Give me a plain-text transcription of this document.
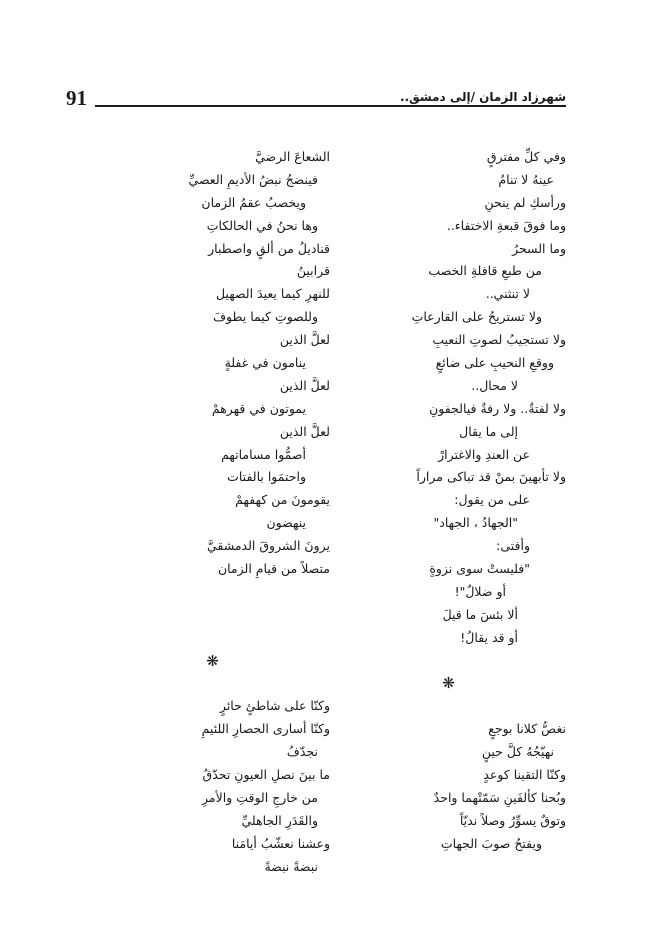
91	شهرزاد الزمان /إلى دمشق..
وفي كلِّ مفترقٍ
عينهُ لا تنامُ
ورأسكِ لم ينحنِ
وما فوقَ قبعةِ الاختفاء..
وما السحرُ
من طبعِ قافلةِ الخصب
لا تنثني..
ولا تستريحُ على القارعاتِ
ولا تستجيبُ لصوتِ النعيبِ
ووقعِ النحيبِ على ضائعٍ
لا محال..
ولا لفتةٌ.. ولا رفةٌ فيالجفونِ
إلى ما يقال
عن العندِ والاغترارْ
ولا تأبهينَ بمنْ قد تباكى مراراً
على من يقول:
"الجهادُ ، الجهاد"
وأفتى:
"فليستْ سوى نزوةٍ
أو ضلالٌ"!
ألا بئسَ ما قيلَ
أو قد يقالُ!
❋
نغصُّ كلانا بوجعٍ
نهيّجُهُ كلَّ حينٍ
وكنّا التقينا كوعدٍ
وبُحنا كألفَينِ سَمّتْهما واحدٌ
وتوقٌ يسوِّرُ وصلاً نديّاً
ويفتحُ صوبَ الجهاتِ
الشعاعَ الرضيَّ
فينضجُ نبضُ الأديمِ العصيِّ
ويخصبُ عقمُ الزمان
وها نحنُ في الحالكاتِ
قناديلُ من ألقٍ واصطبار
قرابينُ
للنهرِ كيما يعيدَ الصهيل
وللصوتِ كيما يطوفَ
لعلَّ الذين
ينامون في غفلةٍ
لعلَّ الذين
يموتون في قهرهمْ
لعلَّ الذين
أصمُّوا مساماتهم
واحتمَوا بالفتات
يقومونَ من كهفهمْ
ينهضون
يرونَ الشروقَ الدمشقيَّ
متصلاً من قيامِ الزمان
❋
وكنّا على شاطئٍ حائرٍ
وكنّا أسارى الحصارِ اللئيمِ
نجدّفُ
ما بينَ نصلِ العيونِ تحدّقُ
من خارجِ الوقتِ والأمرِ
والقَدَرِ الجاهليِّ
وعشنا نعشّبُ أيامَنا
نبضةً نبضةً
